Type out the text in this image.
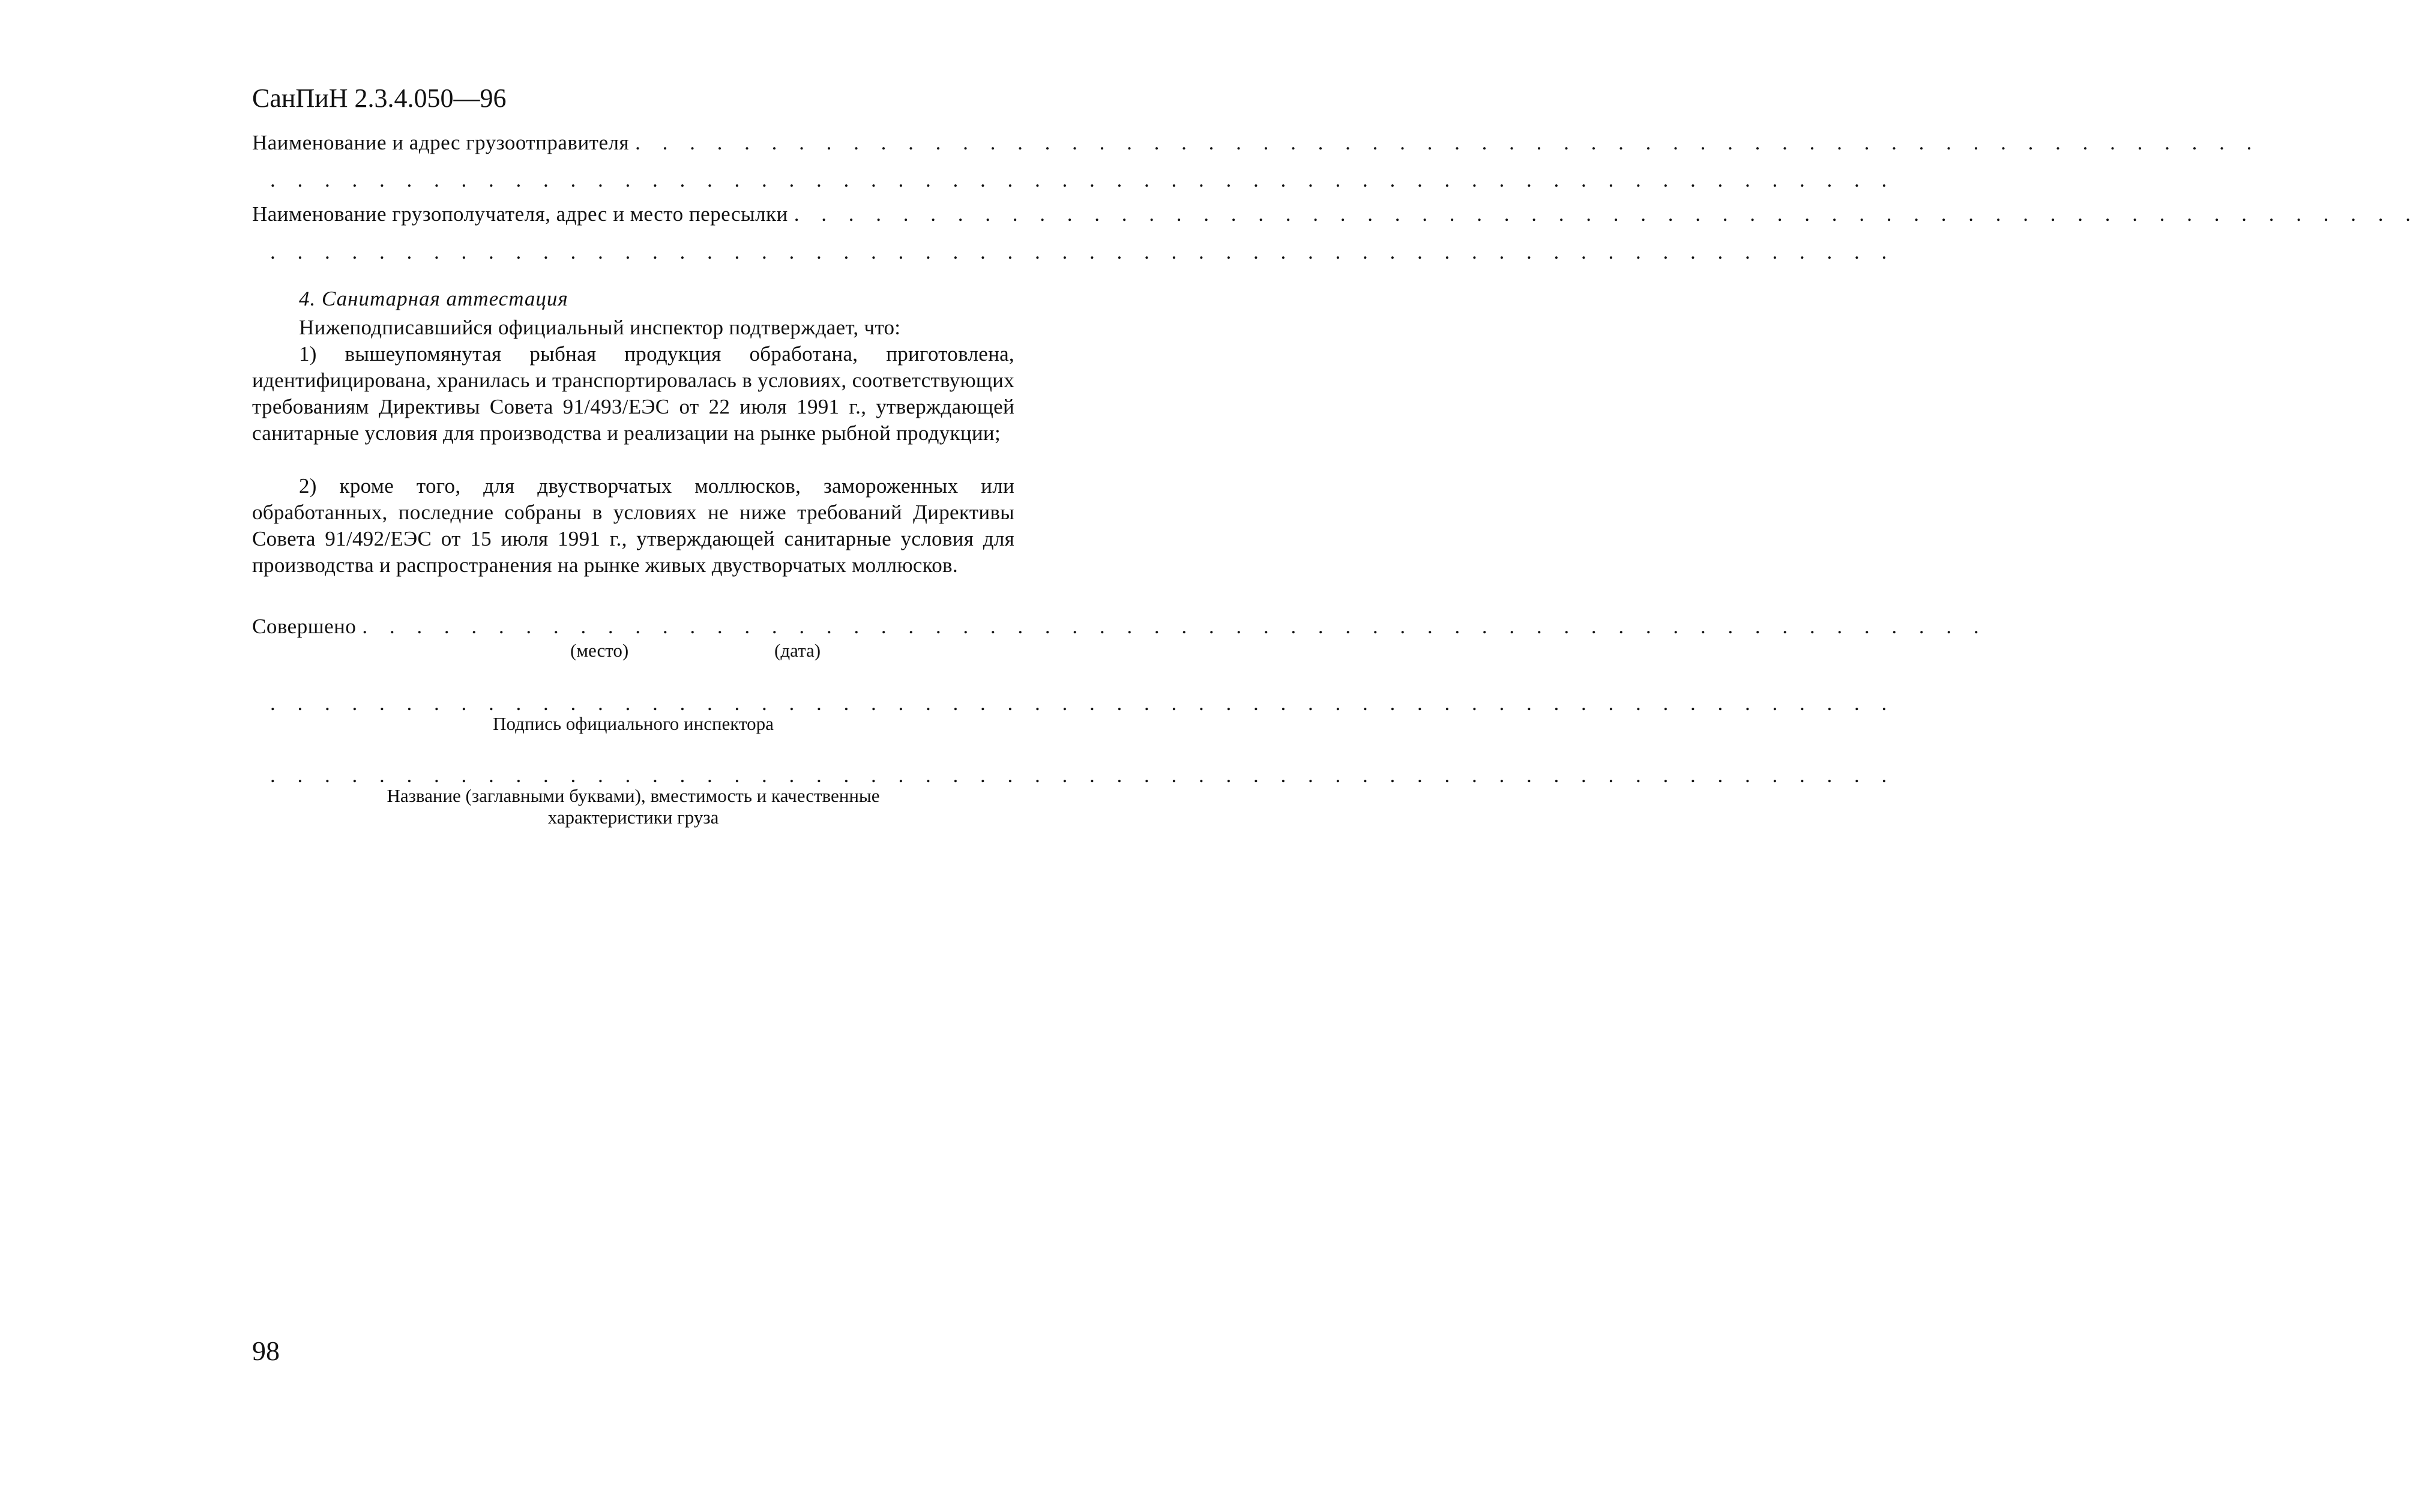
СанПиН 2.3.4.050—96
Наименование и адрес грузоотправителя . . . . . . . . . . . . . . . . . . . . . . . . . . . . . . . . . . . . . . . . . . . . . . . . . . . . . . . . . . . .
. . . . . . . . . . . . . . . . . . . . . . . . . . . . . . . . . . . . . . . . . . . . . . . . . . . . . . . . . . . .
Наименование грузополучателя, адрес и место пересылки . . . . . . . . . . . . . . . . . . . . . . . . . . . . . . . . . . . . . . . . . . . . . . . . . . . . . . . . . . . .
. . . . . . . . . . . . . . . . . . . . . . . . . . . . . . . . . . . . . . . . . . . . . . . . . . . . . . . . . . . .
4. Санитарная аттестация
Нижеподписавшийся официальный инспектор подтверждает, что:
1) вышеупомянутая рыбная продукция обработана, приготовлена, идентифицирована, хранилась и транспортировалась в условиях, соответствующих требованиям Директивы Совета 91/493/ЕЭС от 22 июля 1991 г., утверждающей санитарные условия для производства и реализации на рынке рыбной продукции;
2) кроме того, для двустворчатых моллюсков, замороженных или обработанных, последние собраны в условиях не ниже требований Директивы Совета 91/492/ЕЭС от 15 июля 1991 г., утверждающей санитарные условия для производства и распространения на рынке живых двустворчатых моллюсков.
Совершено . . . . . . . . . . . . . . . . . . . . . . . . . . . . . . . . . . . . . . . . . . . . . . . . . . . . . . . . . . . .
(место)	(дата)
. . . . . . . . . . . . . . . . . . . . . . . . . . . . . . . . . . . . . . . . . . . . . . . . . . . . . . . . . . . .
Подпись официального инспектора
. . . . . . . . . . . . . . . . . . . . . . . . . . . . . . . . . . . . . . . . . . . . . . . . . . . . . . . . . . . .
Название (заглавными буквами), вместимость и качественные
характеристики груза
98
